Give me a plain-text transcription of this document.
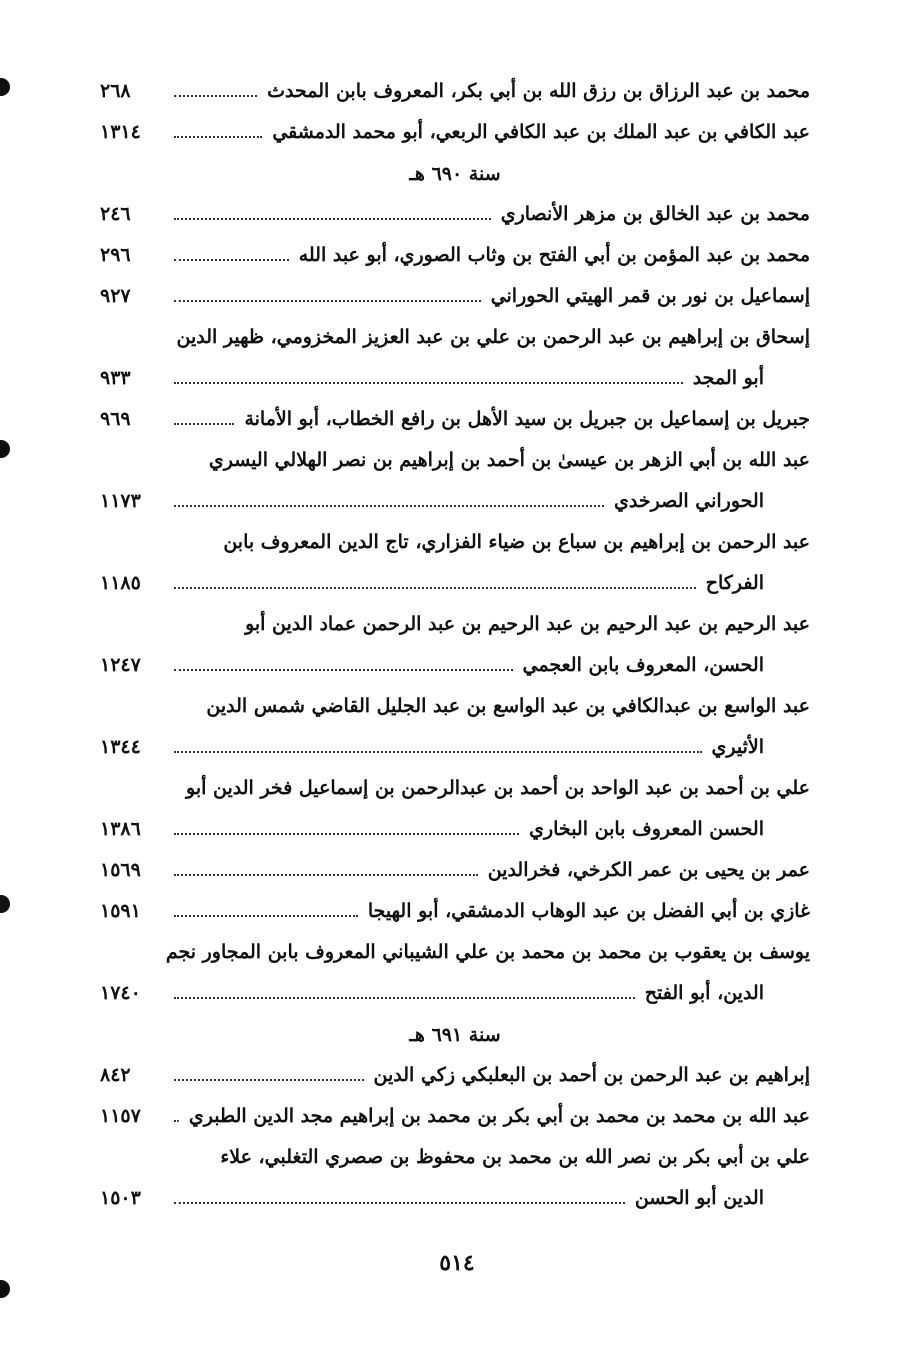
محمد بن عبد الرزاق بن رزق الله بن أبي بكر، المعروف بابن المحدث
٢٦٨
عبد الكافي بن عبد الملك بن عبد الكافي الربعي، أبو محمد الدمشقي
١٣١٤
سنة ٦٩٠ هـ
محمد بن عبد الخالق بن مزهر الأنصاري
٢٤٦
محمد بن عبد المؤمن بن أبي الفتح بن وثاب الصوري، أبو عبد الله
٢٩٦
إسماعيل بن نور بن قمر الهيتي الحوراني
٩٢٧
إسحاق بن إبراهيم بن عبد الرحمن بن علي بن عبد العزيز المخزومي، ظهير الدين
أبو المجد
٩٣٣
جبريل بن إسماعيل بن جبريل بن سيد الأهل بن رافع الخطاب، أبو الأمانة
٩٦٩
عبد الله بن أبي الزهر بن عيسىٰ بن أحمد بن إبراهيم بن نصر الهلالي اليسري
الحوراني الصرخدي
١١٧٣
عبد الرحمن بن إبراهيم بن سباع بن ضياء الفزاري، تاج الدين المعروف بابن
الفركاح
١١٨٥
عبد الرحيم بن عبد الرحيم بن عبد الرحيم بن عبد الرحمن عماد الدين أبو
الحسن، المعروف بابن العجمي
١٢٤٧
عبد الواسع بن عبدالكافي بن عبد الواسع بن عبد الجليل القاضي شمس الدين
الأثيري
١٣٤٤
علي بن أحمد بن عبد الواحد بن أحمد بن عبدالرحمن بن إسماعيل فخر الدين أبو
الحسن المعروف بابن البخاري
١٣٨٦
عمر بن يحيى بن عمر الكرخي، فخرالدين
١٥٦٩
غازي بن أبي الفضل بن عبد الوهاب الدمشقي، أبو الهيجا
١٥٩١
يوسف بن يعقوب بن محمد بن محمد بن علي الشيباني المعروف بابن المجاور نجم
الدين، أبو الفتح
١٧٤٠
سنة ٦٩١ هـ
إبراهيم بن عبد الرحمن بن أحمد بن البعلبكي زكي الدين
٨٤٢
عبد الله بن محمد بن محمد بن أبي بكر بن محمد بن إبراهيم مجد الدين الطبري
١١٥٧
علي بن أبي بكر بن نصر الله بن محمد بن محفوظ بن صصري التغلبي، علاء
الدين أبو الحسن
١٥٠٣
٥١٤
